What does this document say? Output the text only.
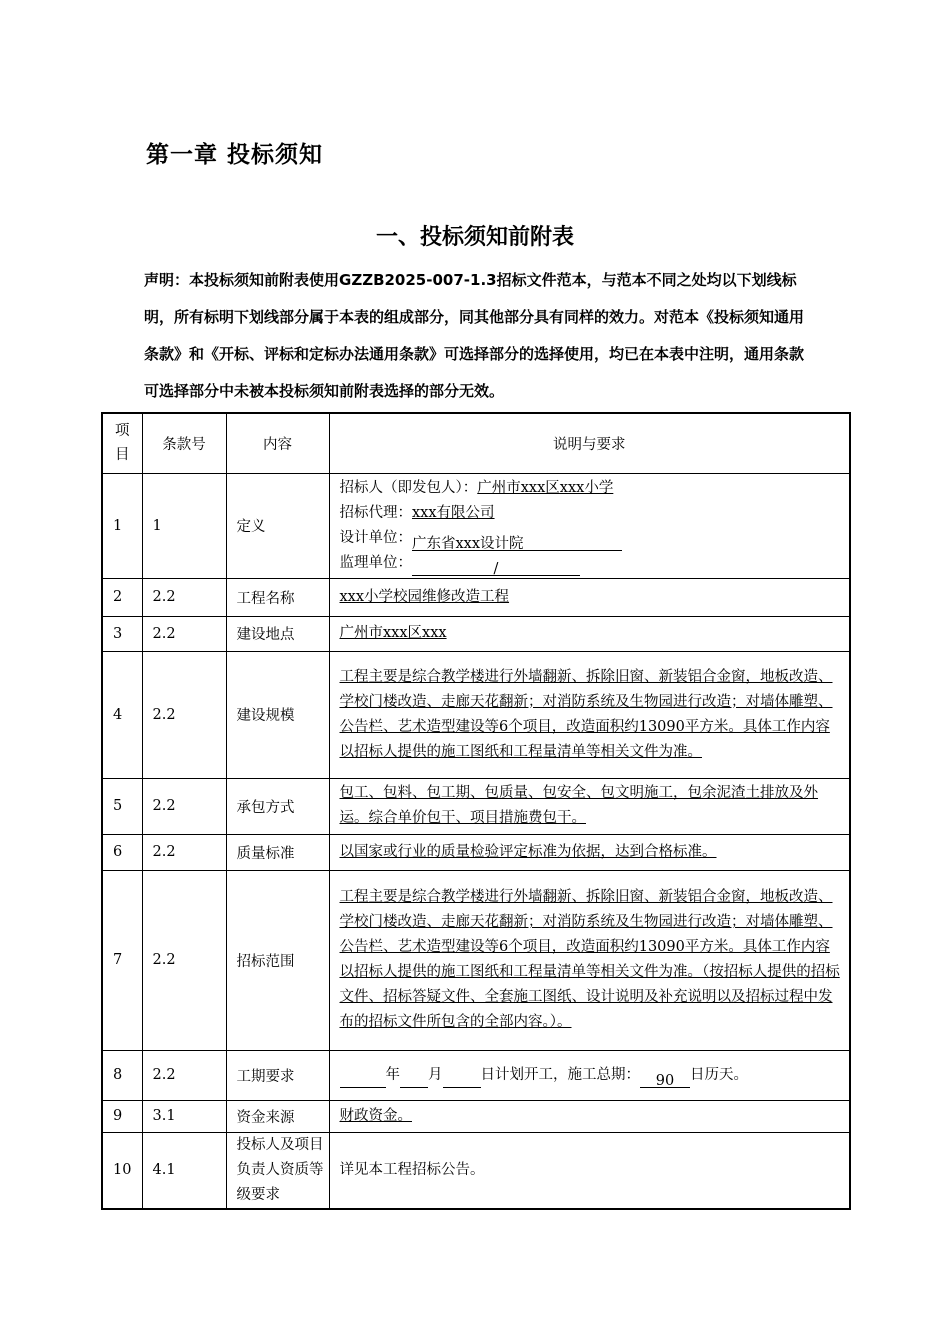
第一章 投标须知
一、投标须知前附表
声明：本投标须知前附表使用GZZB2025-007-1.3招标文件范本，与范本不同之处均以下划线标明，所有标明下划线部分属于本表的组成部分，同其他部分具有同样的效力。对范本《投标须知通用条款》和《开标、评标和定标办法通用条款》可选择部分的选择使用，均已在本表中注明，通用条款可选择部分中未被本投标须知前附表选择的部分无效。
项目	条款号	内容	说明与要求
1	1	定义	招标人（即发包人）：广州市xxx区xxx小学
招标代理：xxx有限公司
设计单位：广东省xxx设计院
监理单位： /

2	2.2	工程名称	xxx小学校园维修改造工程
3	2.2	建设地点	广州市xxx区xxx
4	2.2	建设规模	工程主要是综合教学楼进行外墙翻新、拆除旧窗、新装铝合金窗，地板改造、学校门楼改造、走廊天花翻新；对消防系统及生物园进行改造；对墙体雕塑、公告栏、艺术造型建设等6个项目，改造面积约13090平方米。具体工作内容以招标人提供的施工图纸和工程量清单等相关文件为准。
5	2.2	承包方式	包工、包料、包工期、包质量、包安全、包文明施工，包余泥渣土排放及外运。综合单价包干、项目措施费包干。
6	2.2	质量标准	以国家或行业的质量检验评定标准为依据，达到合格标准。
7	2.2	招标范围	工程主要是综合教学楼进行外墙翻新、拆除旧窗、新装铝合金窗，地板改造、学校门楼改造、走廊天花翻新；对消防系统及生物园进行改造；对墙体雕塑、公告栏、艺术造型建设等6个项目，改造面积约13090平方米。具体工作内容以招标人提供的施工图纸和工程量清单等相关文件为准。（按招标人提供的招标文件、招标答疑文件、全套施工图纸、设计说明及补充说明以及招标过程中发布的招标文件所包含的全部内容。）。
8	2.2	工期要求	年 月 日计划开工，施工总期： 90 日历天。
9	3.1	资金来源	财政资金。
10	4.1	投标人及项目负责人资质等级要求	详见本工程招标公告。
